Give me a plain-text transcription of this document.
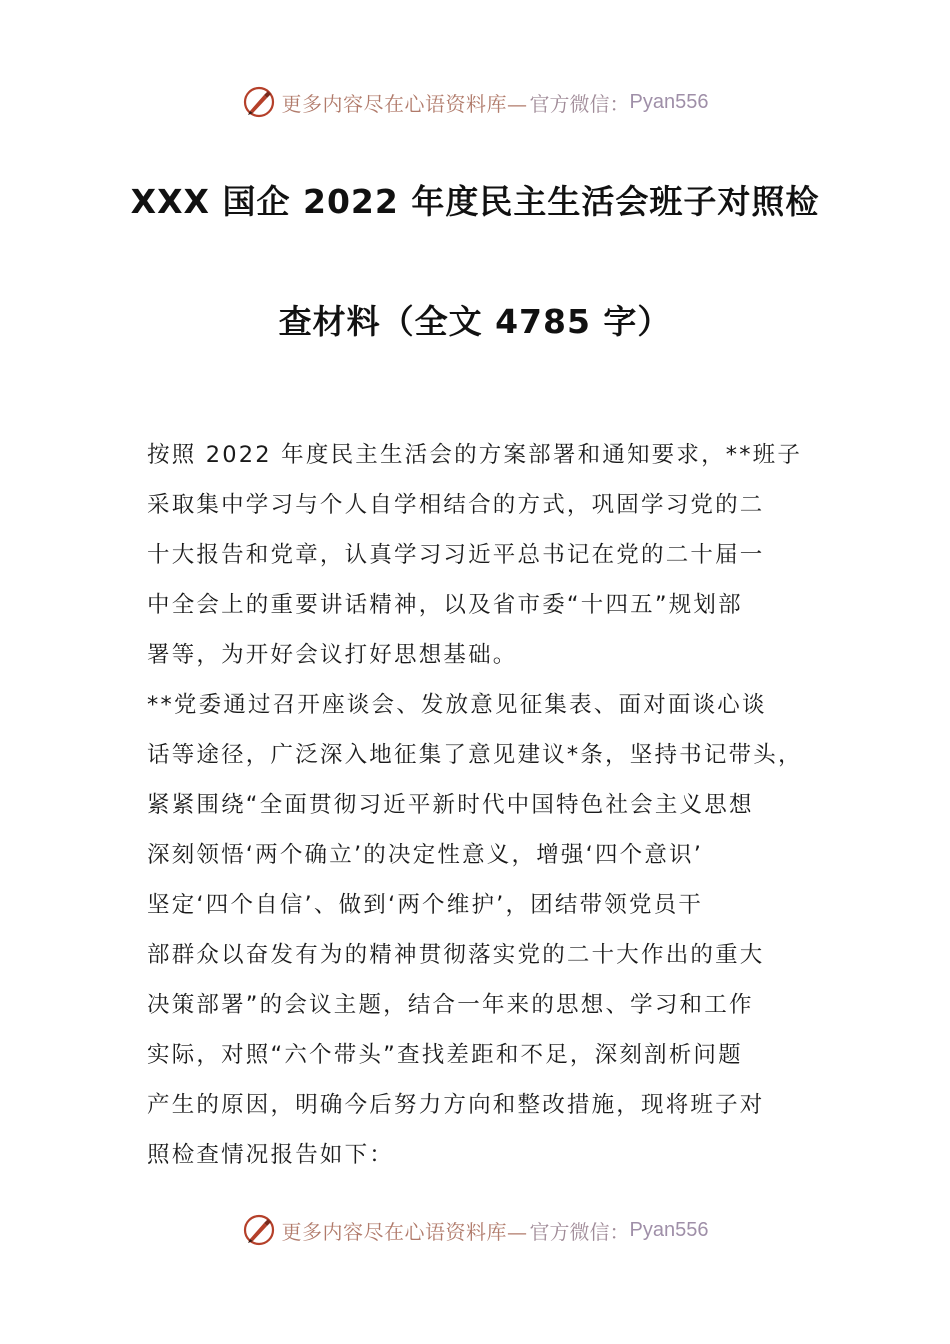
更多内容尽在心语资料库— 官方微信： Pyan556
XXX 国企 2022 年度民主生活会班子对照检
查材料（全文 4785 字）
按照 2022 年度民主生活会的方案部署和通知要求，**班子
采取集中学习与个人自学相结合的方式，巩固学习党的二
十大报告和党章，认真学习习近平总书记在党的二十届一
中全会上的重要讲话精神，以及省市委“十四五”规划部
署等，为开好会议打好思想基础。
**党委通过召开座谈会、发放意见征集表、面对面谈心谈
话等途径，广泛深入地征集了意见建议*条，坚持书记带头，
紧紧围绕“全面贯彻习近平新时代中国特色社会主义思想
深刻领悟‘两个确立’的决定性意义，增强‘四个意识’
坚定‘四个自信’、做到‘两个维护’，团结带领党员干
部群众以奋发有为的精神贯彻落实党的二十大作出的重大
决策部署”的会议主题，结合一年来的思想、学习和工作
实际，对照“六个带头”查找差距和不足，深刻剖析问题
产生的原因，明确今后努力方向和整改措施，现将班子对
照检查情况报告如下：
更多内容尽在心语资料库— 官方微信： Pyan556
